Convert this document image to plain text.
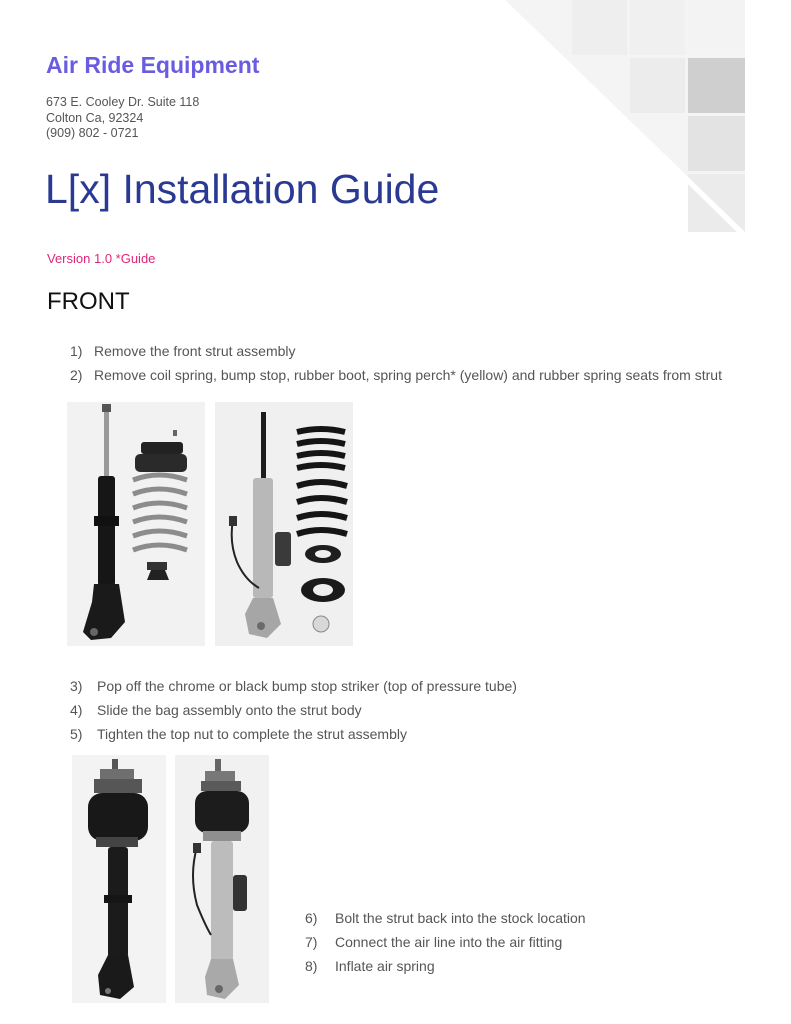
Air Ride Equipment
673 E. Cooley Dr. Suite 118
Colton Ca, 92324
(909) 802 - 0721
L[x] Installation Guide
Version 1.0 *Guide
FRONT
1) Remove the front strut assembly
2) Remove coil spring, bump stop, rubber boot, spring perch* (yellow) and rubber spring seats from strut
3) Pop off the chrome or black bump stop striker (top of pressure tube)
4) Slide the bag assembly onto the strut body
5) Tighten the top nut to complete the strut assembly
6) Bolt the strut back into the stock location
7) Connect the air line into the air fitting
8) Inflate air spring
